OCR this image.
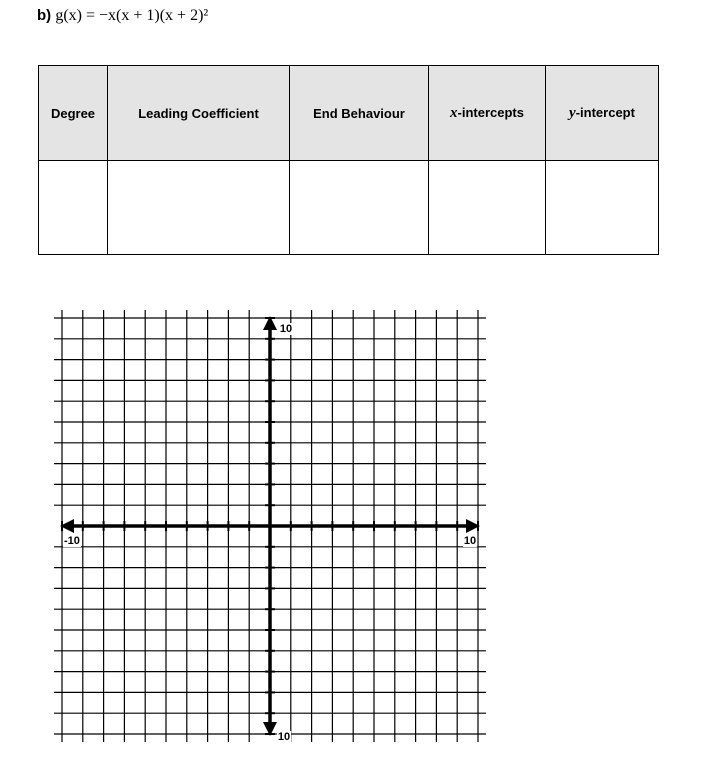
b) g(x) = −x(x + 1)(x + 2)²
Degree	Leading Coefficient	End Behaviour	x-intercepts	y-intercept

-10	10
10
10
